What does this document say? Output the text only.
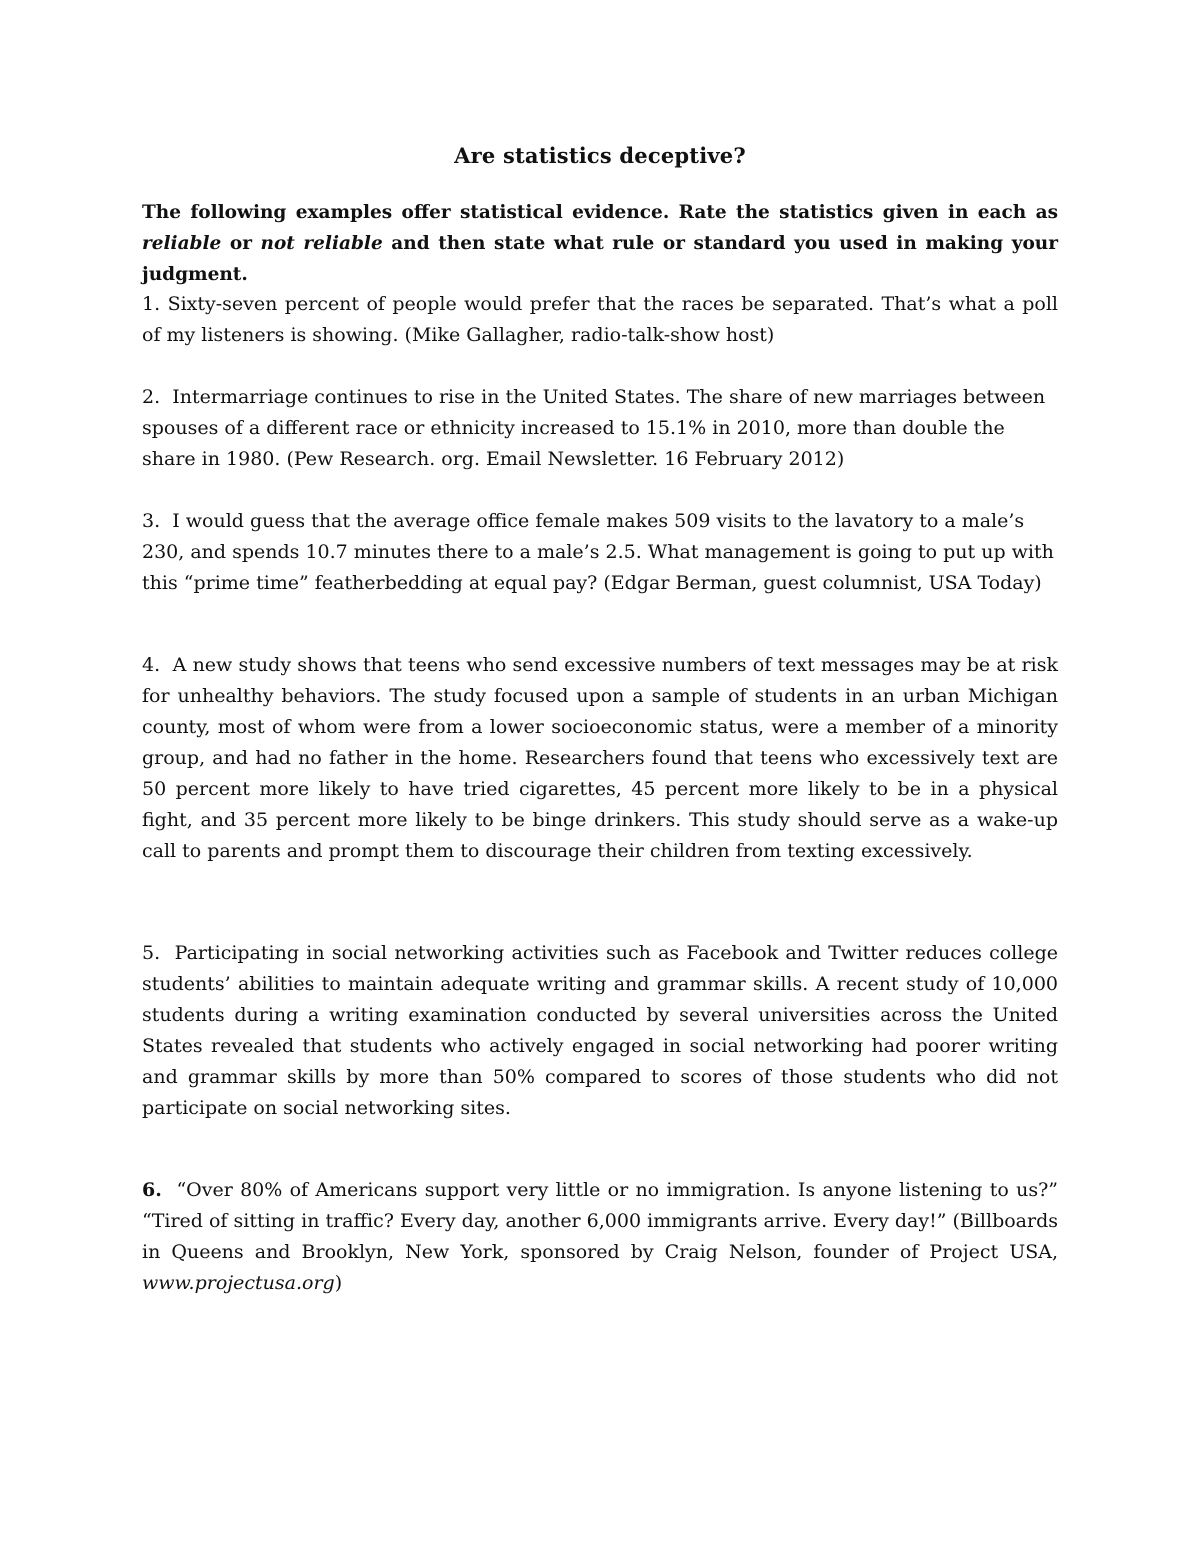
Are statistics deceptive?

The following examples offer statistical evidence. Rate the statistics given in each as reliable or not reliable and then state what rule or standard you used in making your judgment.

1. Sixty-seven percent of people would prefer that the races be separated. That’s what a poll of my listeners is showing. (Mike Gallagher, radio-talk-show host)

2. Intermarriage continues to rise in the United States. The share of new marriages between spouses of a different race or ethnicity increased to 15.1% in 2010, more than double the share in 1980. (Pew Research. org. Email Newsletter. 16 February 2012)

3. I would guess that the average office female makes 509 visits to the lavatory to a male’s 230, and spends 10.7 minutes there to a male’s 2.5. What management is going to put up with this “prime time” featherbedding at equal pay? (Edgar Berman, guest columnist, USA Today)

4. A new study shows that teens who send excessive numbers of text messages may be at risk for unhealthy behaviors. The study focused upon a sample of students in an urban Michigan county, most of whom were from a lower socioeconomic status, were a member of a minority group, and had no father in the home. Researchers found that teens who excessively text are 50 percent more likely to have tried cigarettes, 45 percent more likely to be in a physical fight, and 35 percent more likely to be binge drinkers. This study should serve as a wake-up call to parents and prompt them to discourage their children from texting excessively.

5. Participating in social networking activities such as Facebook and Twitter reduces college students’ abilities to maintain adequate writing and grammar skills. A recent study of 10,000 students during a writing examination conducted by several universities across the United States revealed that students who actively engaged in social networking had poorer writing and grammar skills by more than 50% compared to scores of those students who did not participate on social networking sites.

6. “Over 80% of Americans support very little or no immigration. Is anyone listening to us?” “Tired of sitting in traffic? Every day, another 6,000 immigrants arrive. Every day!” (Billboards in Queens and Brooklyn, New York, sponsored by Craig Nelson, founder of Project USA, www.projectusa.org)
